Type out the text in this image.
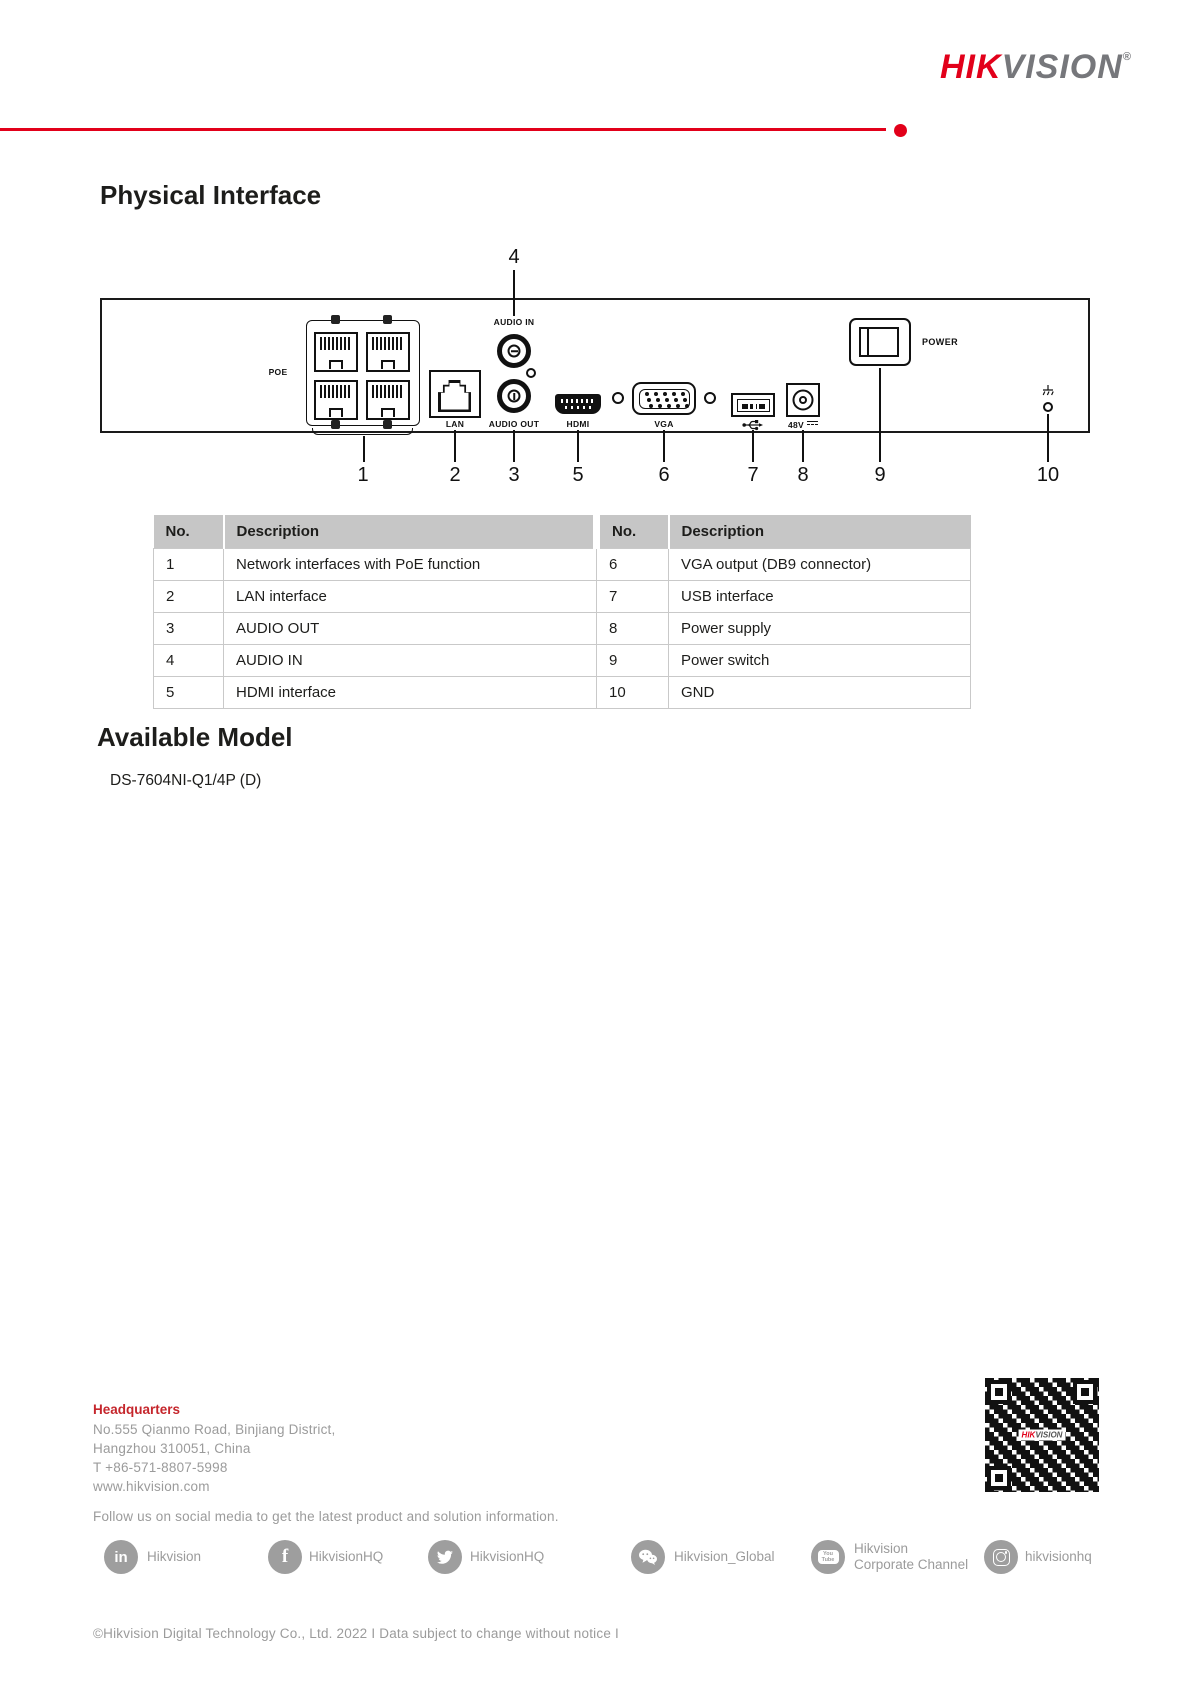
HIKVISION®
Physical Interface
POE
LAN
AUDIO IN
AUDIO OUT	HDMI	VGA	48V
POWER
1	2 3
4
5	6	7 8	9	10
No.	Description	No.	Description
1	Network interfaces with PoE function	6	VGA output (DB9 connector)
2	LAN interface	7	USB interface
3	AUDIO OUT	8	Power supply
4	AUDIO IN	9	Power switch
5	HDMI interface	10	GND
Available Model
DS-7604NI-Q1/4P (D)
Headquarters
No.555 Qianmo Road, Binjiang District,
Hangzhou 310051, China
T +86-571-8807-5998
www.hikvision.com
HIKVISION
Follow us on social media to get the latest product and solution information.
in Hikvision	f HikvisionHQ	HikvisionHQ	Hikvision_Global	You
Tube
Hikvision
Corporate Channel
hikvisionhq
©Hikvision Digital Technology Co., Ltd. 2022 I Data subject to change without notice I
